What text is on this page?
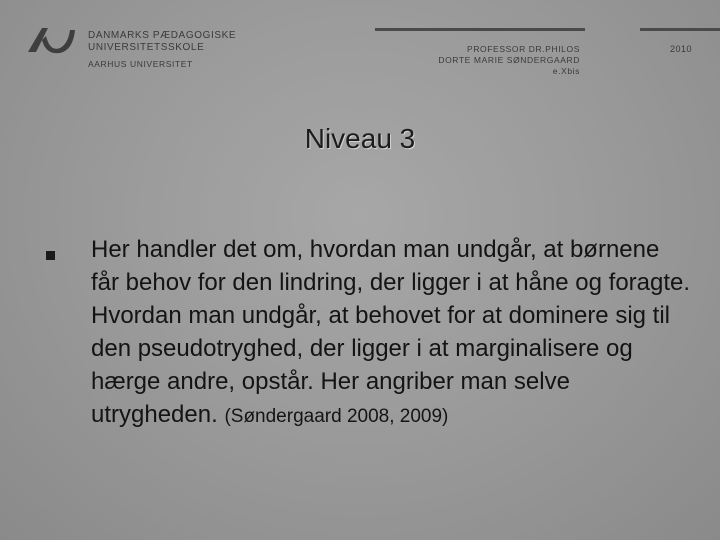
DANMARKS PÆDAGOGISKE
UNIVERSITETSSKOLE
AARHUS UNIVERSITET
PROFESSOR DR.PHILOS
DORTE MARIE SØNDERGAARD
e.Xbis
2010
Niveau 3
Her handler det om, hvordan man undgår, at børnene får behov for den lindring, der ligger i at håne og foragte. Hvordan man undgår, at behovet for at dominere sig til den pseudotryghed, der ligger i at marginalisere og hærge andre, opstår. Her angriber man selve utrygheden. (Søndergaard 2008, 2009)
